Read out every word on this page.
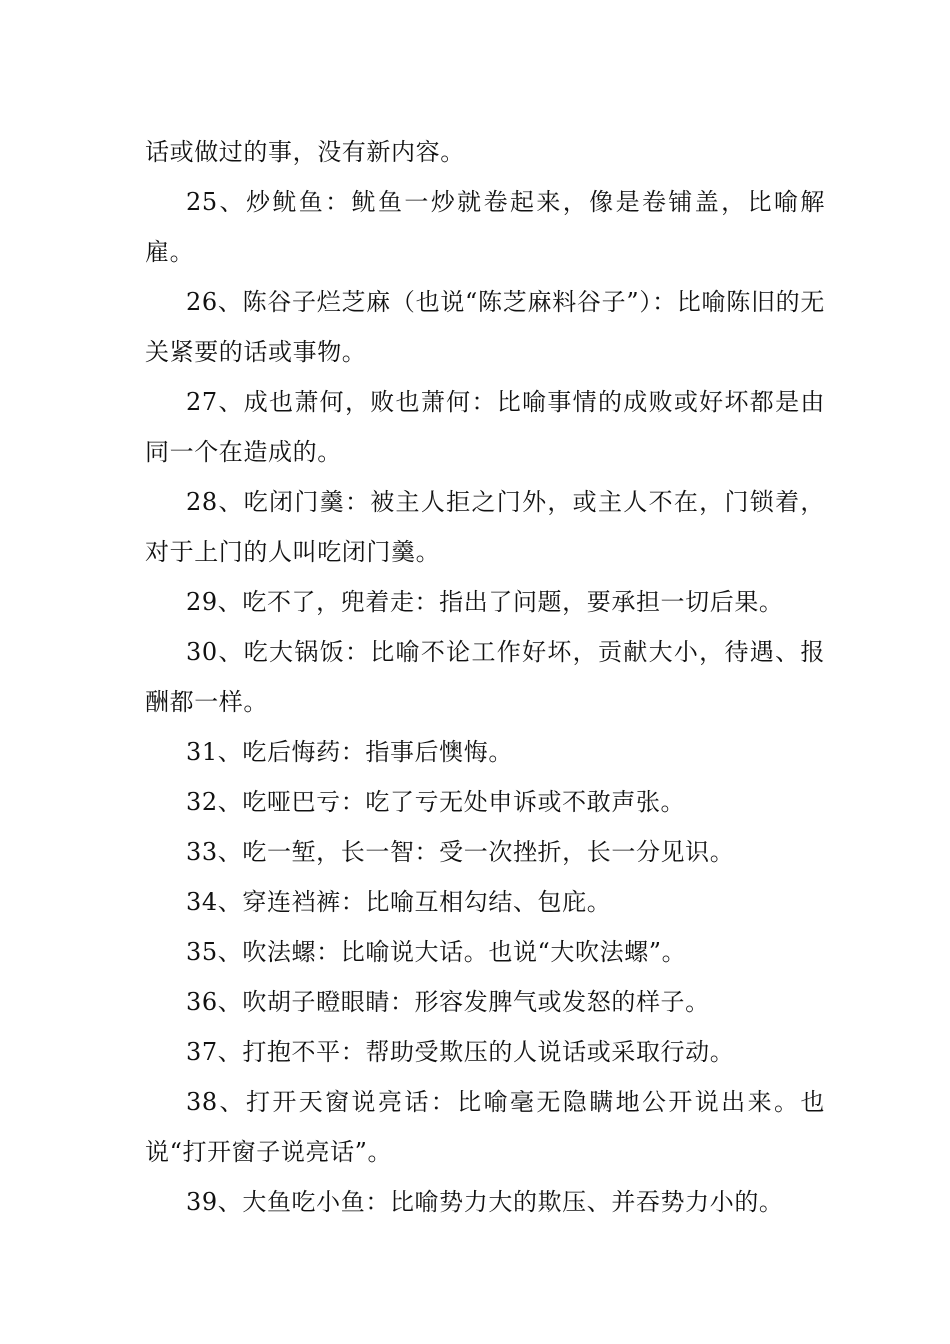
话或做过的事，没有新内容。

25、炒鱿鱼：鱿鱼一炒就卷起来，像是卷铺盖，比喻解雇。

26、陈谷子烂芝麻（也说“陈芝麻料谷子”）：比喻陈旧的无关紧要的话或事物。

27、成也萧何，败也萧何：比喻事情的成败或好坏都是由同一个在造成的。

28、吃闭门羹：被主人拒之门外，或主人不在，门锁着，对于上门的人叫吃闭门羹。

29、吃不了，兜着走：指出了问题，要承担一切后果。

30、吃大锅饭：比喻不论工作好坏，贡献大小，待遇、报酬都一样。

31、吃后悔药：指事后懊悔。

32、吃哑巴亏：吃了亏无处申诉或不敢声张。

33、吃一堑，长一智：受一次挫折，长一分见识。

34、穿连裆裤：比喻互相勾结、包庇。

35、吹法螺：比喻说大话。也说“大吹法螺”。

36、吹胡子瞪眼睛：形容发脾气或发怒的样子。

37、打抱不平：帮助受欺压的人说话或采取行动。

38、打开天窗说亮话：比喻毫无隐瞒地公开说出来。也说“打开窗子说亮话”。

39、大鱼吃小鱼：比喻势力大的欺压、并吞势力小的。
